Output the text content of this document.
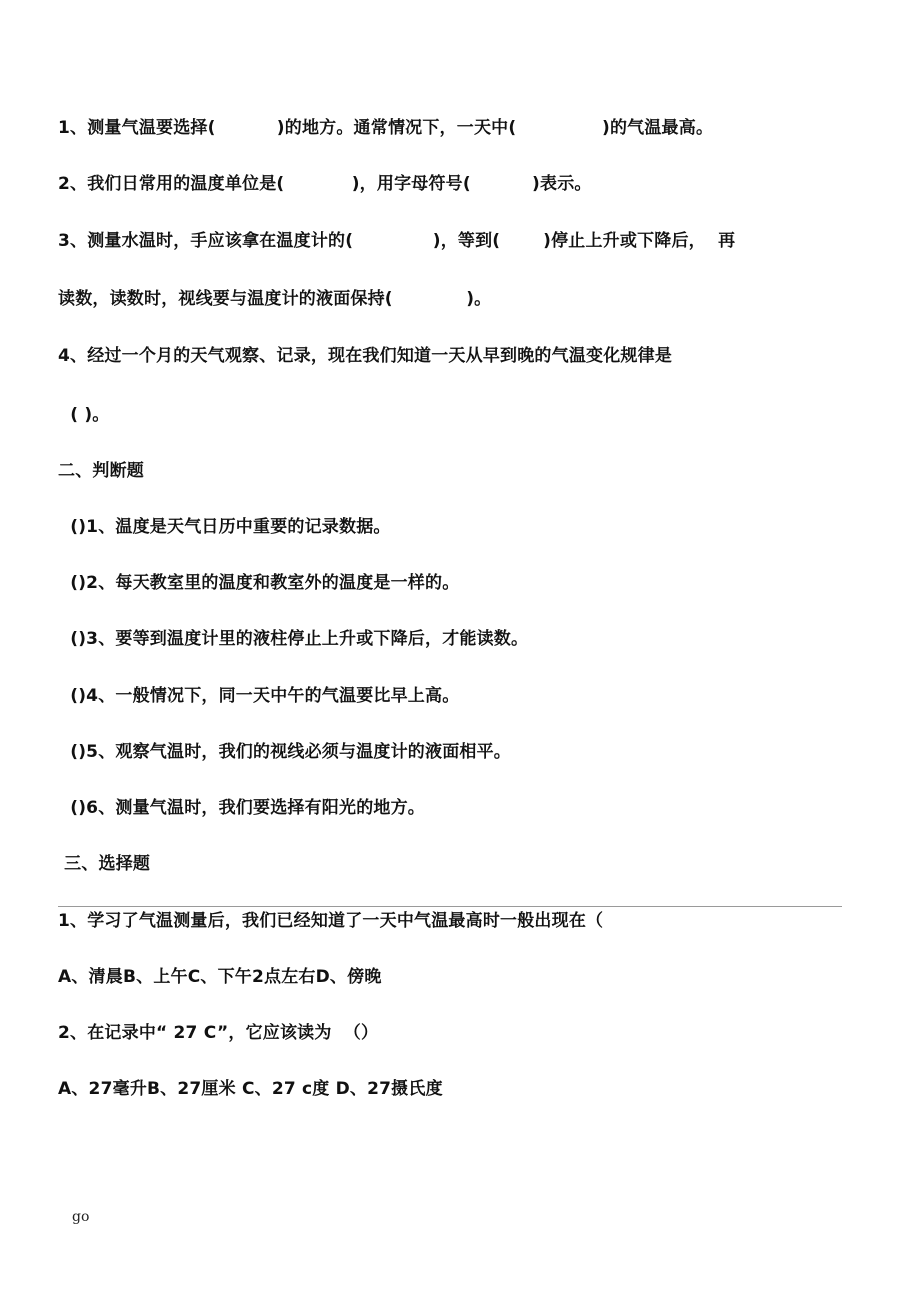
1、测量气温要选择(          )的地方。通常情况下，一天中(              )的气温最高。
2、我们日常用的温度单位是(           )，用字母符号(          )表示。
3、测量水温时，手应该拿在温度计的(             )，等到(       )停止上升或下降后，  再
读数，读数时，视线要与温度计的液面保持(            )。
4、经过一个月的天气观察、记录，现在我们知道一天从早到晚的气温变化规律是
( )。
二、判断题
()1、温度是天气日历中重要的记录数据。
()2、每天教室里的温度和教室外的温度是一样的。
()3、要等到温度计里的液柱停止上升或下降后，才能读数。
()4、一般情况下，同一天中午的气温要比早上高。
()5、观察气温时，我们的视线必须与温度计的液面相平。
()6、测量气温时，我们要选择有阳光的地方。
三、选择题
1、学习了气温测量后，我们已经知道了一天中气温最高时一般出现在（
A、清晨B、上午C、下午2点左右D、傍晚
2、在记录中“ 27 C”，它应该读为  （）
A、27毫升B、27厘米 C、27 c度 D、27摄氏度
go
